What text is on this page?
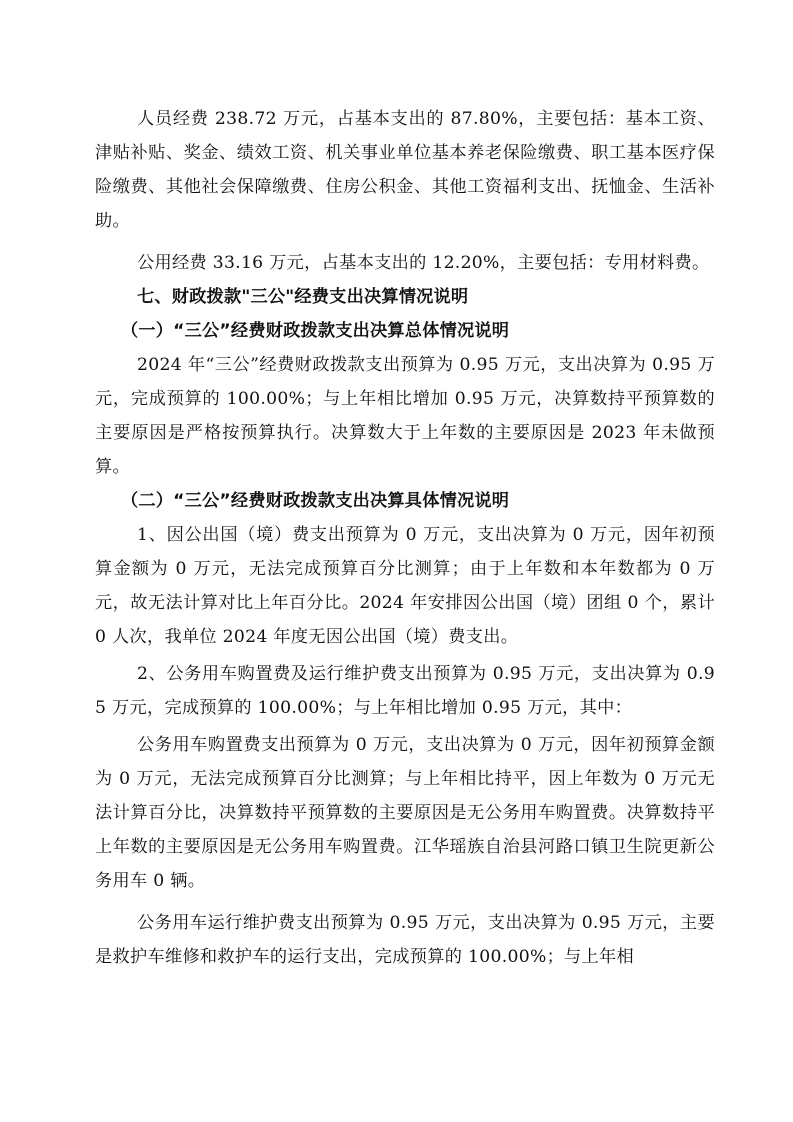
人员经费 238.72 万元，占基本支出的 87.80%，主要包括：基本工资、津贴补贴、奖金、绩效工资、机关事业单位基本养老保险缴费、职工基本医疗保险缴费、其他社会保障缴费、住房公积金、其他工资福利支出、抚恤金、生活补助。

公用经费 33.16 万元，占基本支出的 12.20%，主要包括：专用材料费。

七、财政拨款"三公"经费支出决算情况说明

（一）“三公”经费财政拨款支出决算总体情况说明

2024 年“三公”经费财政拨款支出预算为 0.95 万元，支出决算为 0.95 万元，完成预算的 100.00%；与上年相比增加 0.95 万元，决算数持平预算数的主要原因是严格按预算执行。决算数大于上年数的主要原因是 2023 年未做预算。

（二）“三公”经费财政拨款支出决算具体情况说明

1、因公出国（境）费支出预算为 0 万元，支出决算为 0 万元，因年初预算金额为 0 万元，无法完成预算百分比测算；由于上年数和本年数都为 0 万元，故无法计算对比上年百分比。2024 年安排因公出国（境）团组 0 个，累计 0 人次，我单位 2024 年度无因公出国（境）费支出。

2、公务用车购置费及运行维护费支出预算为 0.95 万元，支出决算为 0.95 万元，完成预算的 100.00%；与上年相比增加 0.95 万元，其中：

公务用车购置费支出预算为 0 万元，支出决算为 0 万元，因年初预算金额为 0 万元，无法完成预算百分比测算；与上年相比持平，因上年数为 0 万元无法计算百分比，决算数持平预算数的主要原因是无公务用车购置费。决算数持平上年数的主要原因是无公务用车购置费。江华瑶族自治县河路口镇卫生院更新公务用车 0 辆。

公务用车运行维护费支出预算为 0.95 万元，支出决算为 0.95 万元，主要是救护车维修和救护车的运行支出，完成预算的 100.00%；与上年相
